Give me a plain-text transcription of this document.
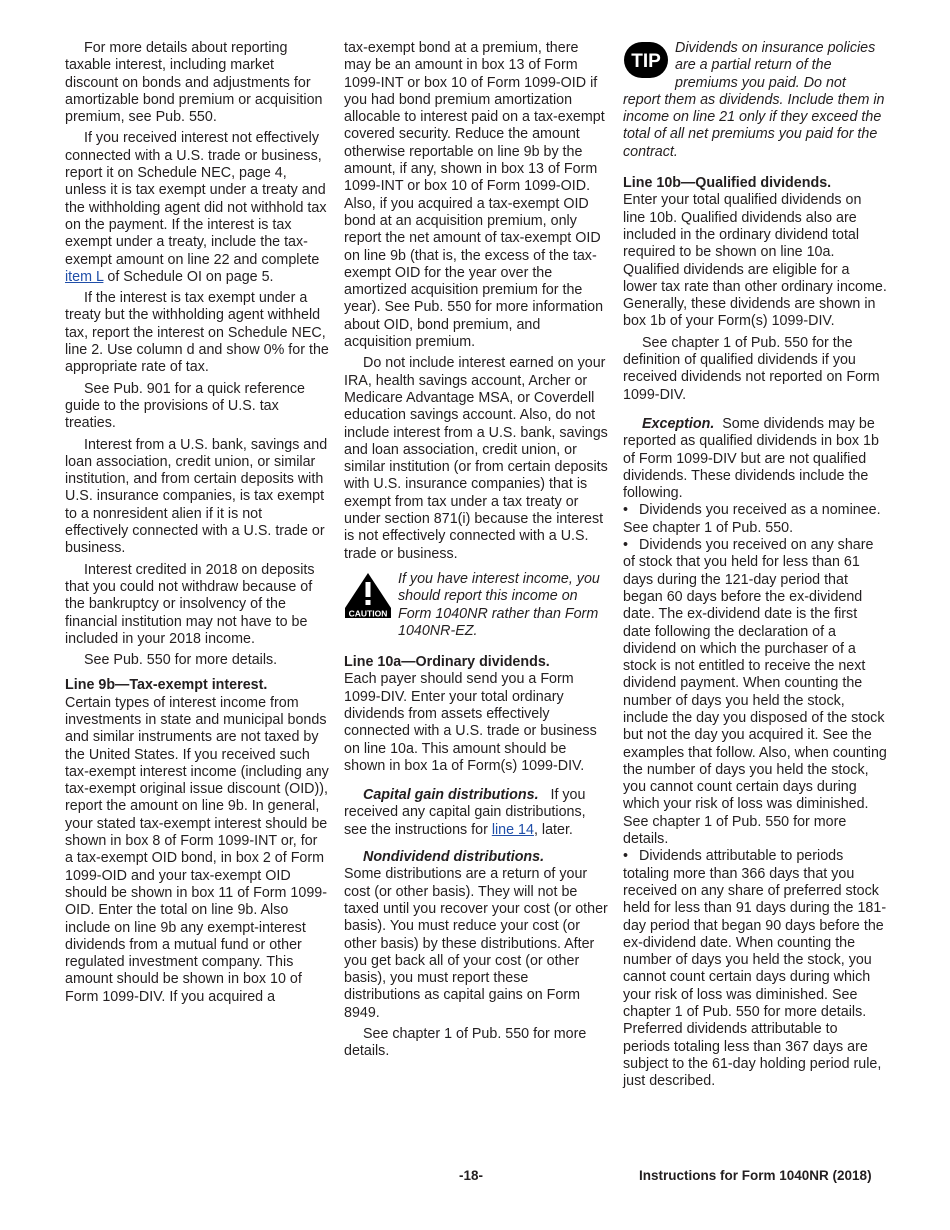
For more details about reporting taxable interest, including market discount on bonds and adjustments for amortizable bond premium or acquisition premium, see Pub. 550.

If you received interest not effectively connected with a U.S. trade or business, report it on Schedule NEC, page 4, unless it is tax exempt under a treaty and the withholding agent did not withhold tax on the payment. If the interest is tax exempt under a treaty, include the tax-exempt amount on line 22 and complete item L of Schedule OI on page 5.

If the interest is tax exempt under a treaty but the withholding agent withheld tax, report the interest on Schedule NEC, line 2. Use column d and show 0% for the appropriate rate of tax.

See Pub. 901 for a quick reference guide to the provisions of U.S. tax treaties.

Interest from a U.S. bank, savings and loan association, credit union, or similar institution, and from certain deposits with U.S. insurance companies, is tax exempt to a nonresident alien if it is not effectively connected with a U.S. trade or business.

Interest credited in 2018 on deposits that you could not withdraw because of the bankruptcy or insolvency of the financial institution may not have to be included in your 2018 income.

See Pub. 550 for more details.

Line 9b—Tax-exempt interest.

Certain types of interest income from investments in state and municipal bonds and similar instruments are not taxed by the United States. If you received such tax-exempt interest income (including any tax-exempt original issue discount (OID)), report the amount on line 9b. In general, your stated tax-exempt interest should be shown in box 8 of Form 1099-INT or, for a tax-exempt OID bond, in box 2 of Form 1099-OID and your tax-exempt OID should be shown in box 11 of Form 1099-OID. Enter the total on line 9b. Also include on line 9b any exempt-interest dividends from a mutual fund or other regulated investment company. This amount should be shown in box 10 of Form 1099-DIV. If you acquired a

tax-exempt bond at a premium, there may be an amount in box 13 of Form 1099-INT or box 10 of Form 1099-OID if you had bond premium amortization allocable to interest paid on a tax-exempt covered security. Reduce the amount otherwise reportable on line 9b by the amount, if any, shown in box 13 of Form 1099-INT or box 10 of Form 1099-OID. Also, if you acquired a tax-exempt OID bond at an acquisition premium, only report the net amount of tax-exempt OID on line 9b (that is, the excess of the tax-exempt OID for the year over the amortized acquisition premium for the year). See Pub. 550 for more information about OID, bond premium, and acquisition premium.

Do not include interest earned on your IRA, health savings account, Archer or Medicare Advantage MSA, or Coverdell education savings account. Also, do not include interest from a U.S. bank, savings and loan association, credit union, or similar institution (or from certain deposits with U.S. insurance companies) that is exempt from tax under a tax treaty or under section 871(i) because the interest is not effectively connected with a U.S. trade or business.

CAUTION
If you have interest income, you should report this income on Form 1040NR rather than Form 1040NR-EZ.

Line 10a—Ordinary dividends.

Each payer should send you a Form 1099-DIV. Enter your total ordinary dividends from assets effectively connected with a U.S. trade or business on line 10a. This amount should be shown in box 1a of Form(s) 1099-DIV.

Capital gain distributions. If you received any capital gain distributions, see the instructions for line 14, later.

Nondividend distributions.

Some distributions are a return of your cost (or other basis). They will not be taxed until you recover your cost (or other basis). You must reduce your cost (or other basis) by these distributions. After you get back all of your cost (or other basis), you must report these distributions as capital gains on Form 8949.

See chapter 1 of Pub. 550 for more details.

TIP
Dividends on insurance policies are a partial return of the premiums you paid. Do not report them as dividends. Include them in income on line 21 only if they exceed the total of all net premiums you paid for the contract.

Line 10b—Qualified dividends.

Enter your total qualified dividends on line 10b. Qualified dividends also are included in the ordinary dividend total required to be shown on line 10a. Qualified dividends are eligible for a lower tax rate than other ordinary income. Generally, these dividends are shown in box 1b of your Form(s) 1099-DIV.

See chapter 1 of Pub. 550 for the definition of qualified dividends if you received dividends not reported on Form 1099-DIV.

Exception. Some dividends may be reported as qualified dividends in box 1b of Form 1099-DIV but are not qualified dividends. These dividends include the following.

• Dividends you received as a nominee. See chapter 1 of Pub. 550.

• Dividends you received on any share of stock that you held for less than 61 days during the 121-day period that began 60 days before the ex-dividend date. The ex-dividend date is the first date following the declaration of a dividend on which the purchaser of a stock is not entitled to receive the next dividend payment. When counting the number of days you held the stock, include the day you disposed of the stock but not the day you acquired it. See the examples that follow. Also, when counting the number of days you held the stock, you cannot count certain days during which your risk of loss was diminished. See chapter 1 of Pub. 550 for more details.

• Dividends attributable to periods totaling more than 366 days that you received on any share of preferred stock held for less than 91 days during the 181-day period that began 90 days before the ex-dividend date. When counting the number of days you held the stock, you cannot count certain days during which your risk of loss was diminished. See chapter 1 of Pub. 550 for more details. Preferred dividends attributable to periods totaling less than 367 days are subject to the 61-day holding period rule, just described.

-18-	Instructions for Form 1040NR (2018)
